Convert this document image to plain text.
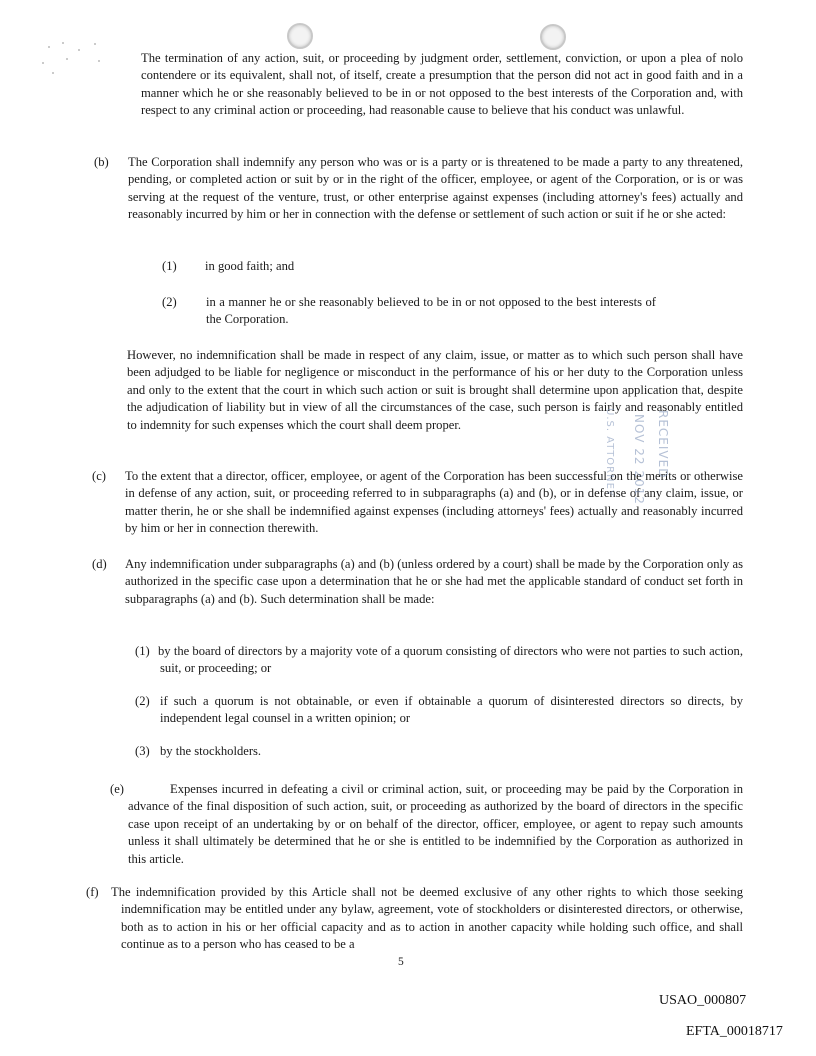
The termination of any action, suit, or proceeding by judgment order, settlement, conviction, or upon a plea of nolo contendere or its equivalent, shall not, of itself, create a presumption that the person did not act in good faith and in a manner which he or she reasonably believed to be in or not opposed to the best interests of the Corporation and, with respect to any criminal action or proceeding, had reasonable cause to believe that his conduct was unlawful.

(b) The Corporation shall indemnify any person who was or is a party or is threatened to be made a party to any threatened, pending, or completed action or suit by or in the right of the officer, employee, or agent of the Corporation, or is or was serving at the request of the venture, trust, or other enterprise against expenses (including attorney's fees) actually and reasonably incurred by him or her in connection with the defense or settlement of such action or suit if he or she acted:

(1) in good faith; and

(2) in a manner he or she reasonably believed to be in or not opposed to the best interests of the Corporation.

However, no indemnification shall be made in respect of any claim, issue, or matter as to which such person shall have been adjudged to be liable for negligence or misconduct in the performance of his or her duty to the Corporation unless and only to the extent that the court in which such action or suit is brought shall determine upon application that, despite the adjudication of liability but in view of all the circumstances of the case, such person is fairly and reasonably entitled to indemnity for such expenses which the court shall deem proper.

(c) To the extent that a director, officer, employee, or agent of the Corporation has been successful on the merits or otherwise in defense of any action, suit, or proceeding referred to in subparagraphs (a) and (b), or in defense of any claim, issue, or matter therin, he or she shall be indemnified against expenses (including attorneys' fees) actually and reasonably incurred by him or her in connection therewith.

(d) Any indemnification under subparagraphs (a) and (b) (unless ordered by a court) shall be made by the Corporation only as authorized in the specific case upon a determination that he or she had met the applicable standard of conduct set forth in subparagraphs (a) and (b). Such determination shall be made:

(1) by the board of directors by a majority vote of a quorum consisting of directors who were not parties to such action, suit, or proceeding; or

(2) if such a quorum is not obtainable, or even if obtainable a quorum of disinterested directors so directs, by independent legal counsel in a written opinion; or

(3) by the stockholders.

(e)	Expenses incurred in defeating a civil or criminal action, suit, or proceeding may be paid by the Corporation in advance of the final disposition of such action, suit, or proceeding as authorized by the board of directors in the specific case upon receipt of an undertaking by or on behalf of the director, officer, employee, or agent to repay such amounts unless it shall ultimately be determined that he or she is entitled to be indemnified by the Corporation as authorized in this article.

(f) The indemnification provided by this Article shall not be deemed exclusive of any other rights to which those seeking indemnification may be entitled under any bylaw, agreement, vote of stockholders or disinterested directors, or otherwise, both as to action in his or her official capacity and as to action in another capacity while holding such office, and shall continue as to a person who has ceased to be a

RECEIVED
NOV 22 2012
U.S. ATTORNEY
5
USAO_000807
EFTA_00018717
